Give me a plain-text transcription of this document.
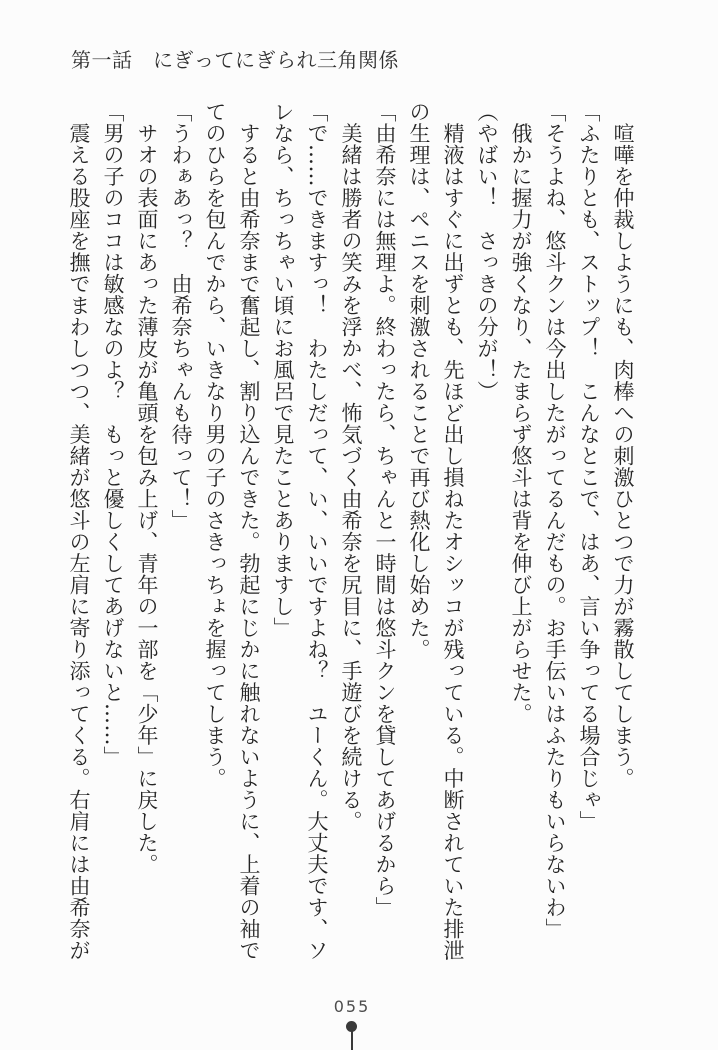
第一話　にぎってにぎられ三角関係
　喧嘩を仲裁しようにも、肉棒への刺激ひとつで力が霧散してしまう。
「ふたりとも、ストップ！　こんなとこで、はあ、言い争ってる場合じゃ」
「そうよね、悠斗クンは今出したがってるんだもの。お手伝いはふたりもいらないわ」
　俄かに握力が強くなり、たまらず悠斗は背を伸び上がらせた。
（やばい！　さっきの分が！）
　精液はすぐに出ずとも、先ほど出し損ねたオシッコが残っている。中断されていた排泄
の生理は、ペニスを刺激されることで再び熱化し始めた。
「由希奈には無理よ。終わったら、ちゃんと一時間は悠斗クンを貸してあげるから」
　美緒は勝者の笑みを浮かべ、怖気づく由希奈を尻目に、手遊びを続ける。
「で……できますっ！　わたしだって、い、いいですよね？　ユーくん。大丈夫です、ソ
レなら、ちっちゃい頃にお風呂で見たことありますし」
　すると由希奈まで奮起し、割り込んできた。勃起にじかに触れないように、上着の袖で
てのひらを包んでから、いきなり男の子のさきっちょを握ってしまう。
「うわぁあっ？　由希奈ちゃんも待って！」
　サオの表面にあった薄皮が亀頭を包み上げ、青年の一部を「少年」に戻した。
「男の子のココは敏感なのよ？　もっと優しくしてあげないと……」
　震える股座を撫でまわしつつ、美緒が悠斗の左肩に寄り添ってくる。右肩には由希奈が
055
